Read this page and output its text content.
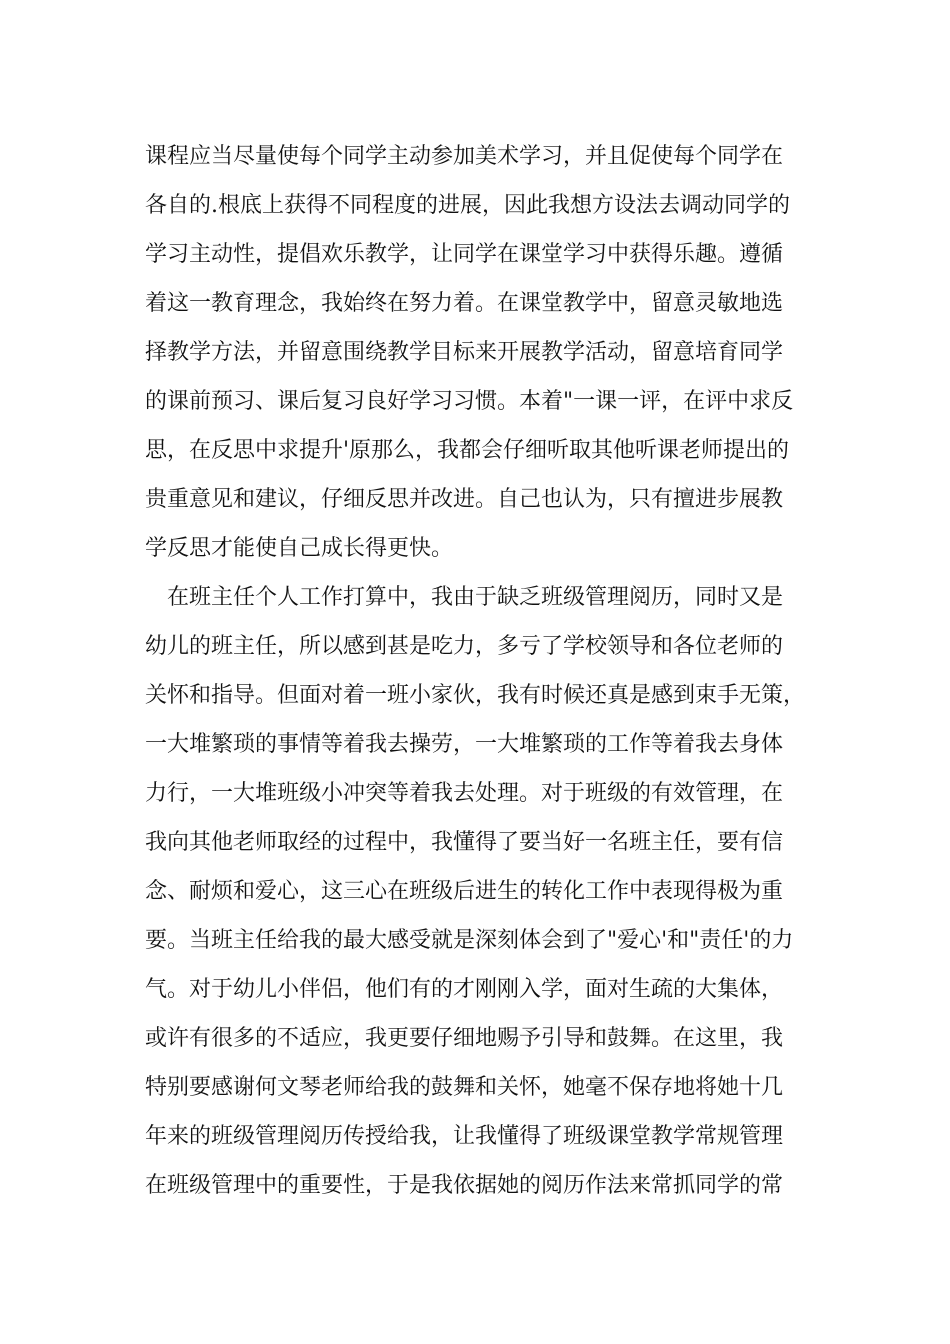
课程应当尽量使每个同学主动参加美术学习，并且促使每个同学在
各自的.根底上获得不同程度的进展，因此我想方设法去调动同学的
学习主动性，提倡欢乐教学，让同学在课堂学习中获得乐趣。遵循
着这一教育理念，我始终在努力着。在课堂教学中，留意灵敏地选
择教学方法，并留意围绕教学目标来开展教学活动，留意培育同学
的课前预习、课后复习良好学习习惯。本着"一课一评，在评中求反
思，在反思中求提升'原那么，我都会仔细听取其他听课老师提出的
贵重意见和建议，仔细反思并改进。自己也认为，只有擅进步展教
学反思才能使自己成长得更快。
　在班主任个人工作打算中，我由于缺乏班级管理阅历，同时又是
幼儿的班主任，所以感到甚是吃力，多亏了学校领导和各位老师的
关怀和指导。但面对着一班小家伙，我有时候还真是感到束手无策，
一大堆繁琐的事情等着我去操劳，一大堆繁琐的工作等着我去身体
力行，一大堆班级小冲突等着我去处理。对于班级的有效管理，在
我向其他老师取经的过程中，我懂得了要当好一名班主任，要有信
念、耐烦和爱心，这三心在班级后进生的转化工作中表现得极为重
要。当班主任给我的最大感受就是深刻体会到了"爱心'和"责任'的力
气。对于幼儿小伴侣，他们有的才刚刚入学，面对生疏的大集体，
或许有很多的不适应，我更要仔细地赐予引导和鼓舞。在这里，我
特别要感谢何文琴老师给我的鼓舞和关怀，她毫不保存地将她十几
年来的班级管理阅历传授给我，让我懂得了班级课堂教学常规管理
在班级管理中的重要性，于是我依据她的阅历作法来常抓同学的常
